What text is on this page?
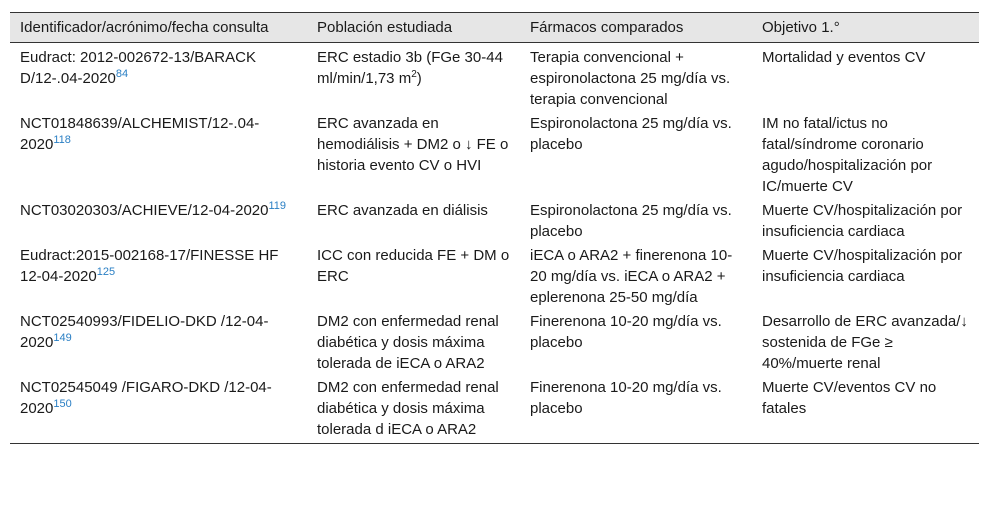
Identificador/acrónimo/fecha consulta	Población estudiada	Fármacos comparados	Objetivo 1.°
Eudract: 2012-002672-13/BARACK D/12-.04-2020$^{84}$	ERC estadio 3b (FGe 30-44 ml/min/1,73 $m^2$)	Terapia convencional + espironolactona 25 mg/día vs. terapia convencional	Mortalidad y eventos CV
NCT01848639/ALCHEMIST/12-.04-2020$^{118}$	ERC avanzada en hemodiálisis + DM2 o ↓ FE o historia evento CV o HVI	Espironolactona 25 mg/día vs. placebo	IM no fatal/ictus no fatal/síndrome coronario agudo/hospitalización por IC/muerte CV
NCT03020303/ACHIEVE/12-04-2020$^{119}$	ERC avanzada en diálisis	Espironolactona 25 mg/día vs. placebo	Muerte CV/hospitalización por insuficiencia cardiaca
Eudract:2015-002168-17/FINESSE HF 12-04-2020$^{125}$	ICC con reducida FE + DM o ERC	iECA o ARA2 + finerenona 10-20 mg/día vs. iECA o ARA2 + eplerenona 25-50 mg/día	Muerte CV/hospitalización por insuficiencia cardiaca
NCT02540993/FIDELIO-DKD /12-04-2020$^{149}$	DM2 con enfermedad renal diabética y dosis máxima tolerada de iECA o ARA2	Finerenona 10-20 mg/día vs. placebo	Desarrollo de ERC avanzada/↓ sostenida de FGe ≥ 40%/muerte renal
NCT02545049 /FIGARO-DKD /12-04-2020$^{150}$	DM2 con enfermedad renal diabética y dosis máxima tolerada d iECA o ARA2	Finerenona 10-20 mg/día vs. placebo	Muerte CV/eventos CV no fatales
